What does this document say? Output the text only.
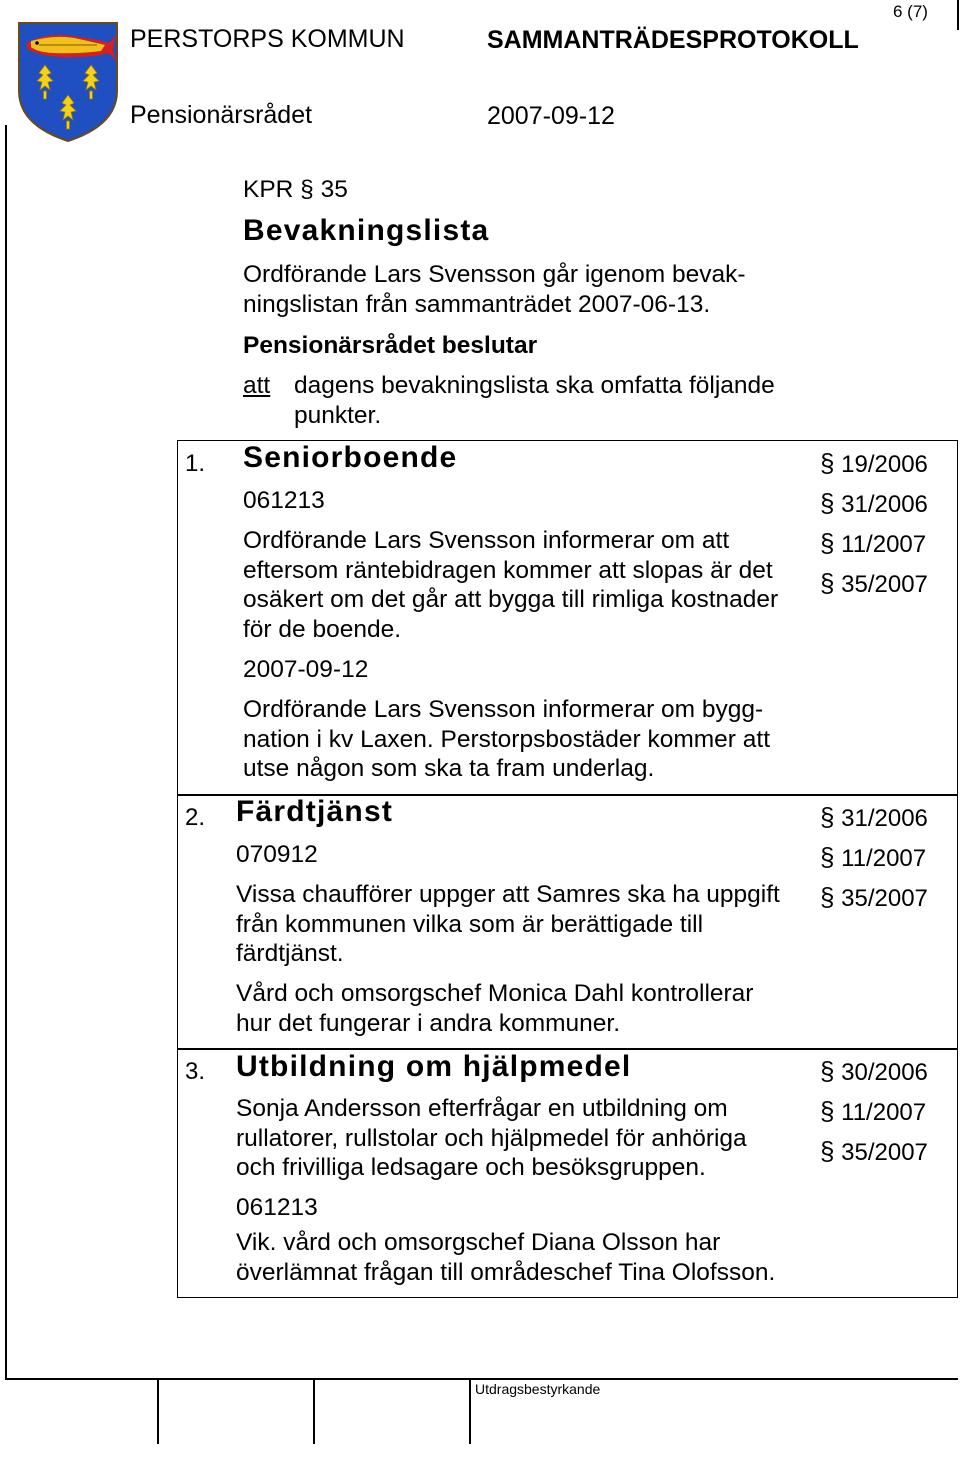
6 (7)
PERSTORPS KOMMUN	SAMMANTRÄDESPROTOKOLL
Pensionärsrådet	2007-09-12
KPR § 35
Bevakningslista
Ordförande Lars Svensson går igenom bevak-
ningslistan från sammanträdet 2007-06-13.
Pensionärsrådet beslutar
att dagens bevakningslista ska omfatta följande
punkter.
1. Seniorboende
061213
Ordförande Lars Svensson informerar om att
eftersom räntebidragen kommer att slopas är det
osäkert om det går att bygga till rimliga kostnader
för de boende.
2007-09-12
Ordförande Lars Svensson informerar om bygg-
nation i kv Laxen. Perstorpsbostäder kommer att
utse någon som ska ta fram underlag.
§ 19/2006
§ 31/2006
§ 11/2007
§ 35/2007
2. Färdtjänst
070912
Vissa chaufförer uppger att Samres ska ha uppgift
från kommunen vilka som är berättigade till
färdtjänst.
Vård och omsorgschef Monica Dahl kontrollerar
hur det fungerar i andra kommuner.
§ 31/2006
§ 11/2007
§ 35/2007
3. Utbildning om hjälpmedel
Sonja Andersson efterfrågar en utbildning om
rullatorer, rullstolar och hjälpmedel för anhöriga
och frivilliga ledsagare och besöksgruppen.
061213
Vik. vård och omsorgschef Diana Olsson har
överlämnat frågan till områdeschef Tina Olofsson.
§ 30/2006
§ 11/2007
§ 35/2007
Utdragsbestyrkande
